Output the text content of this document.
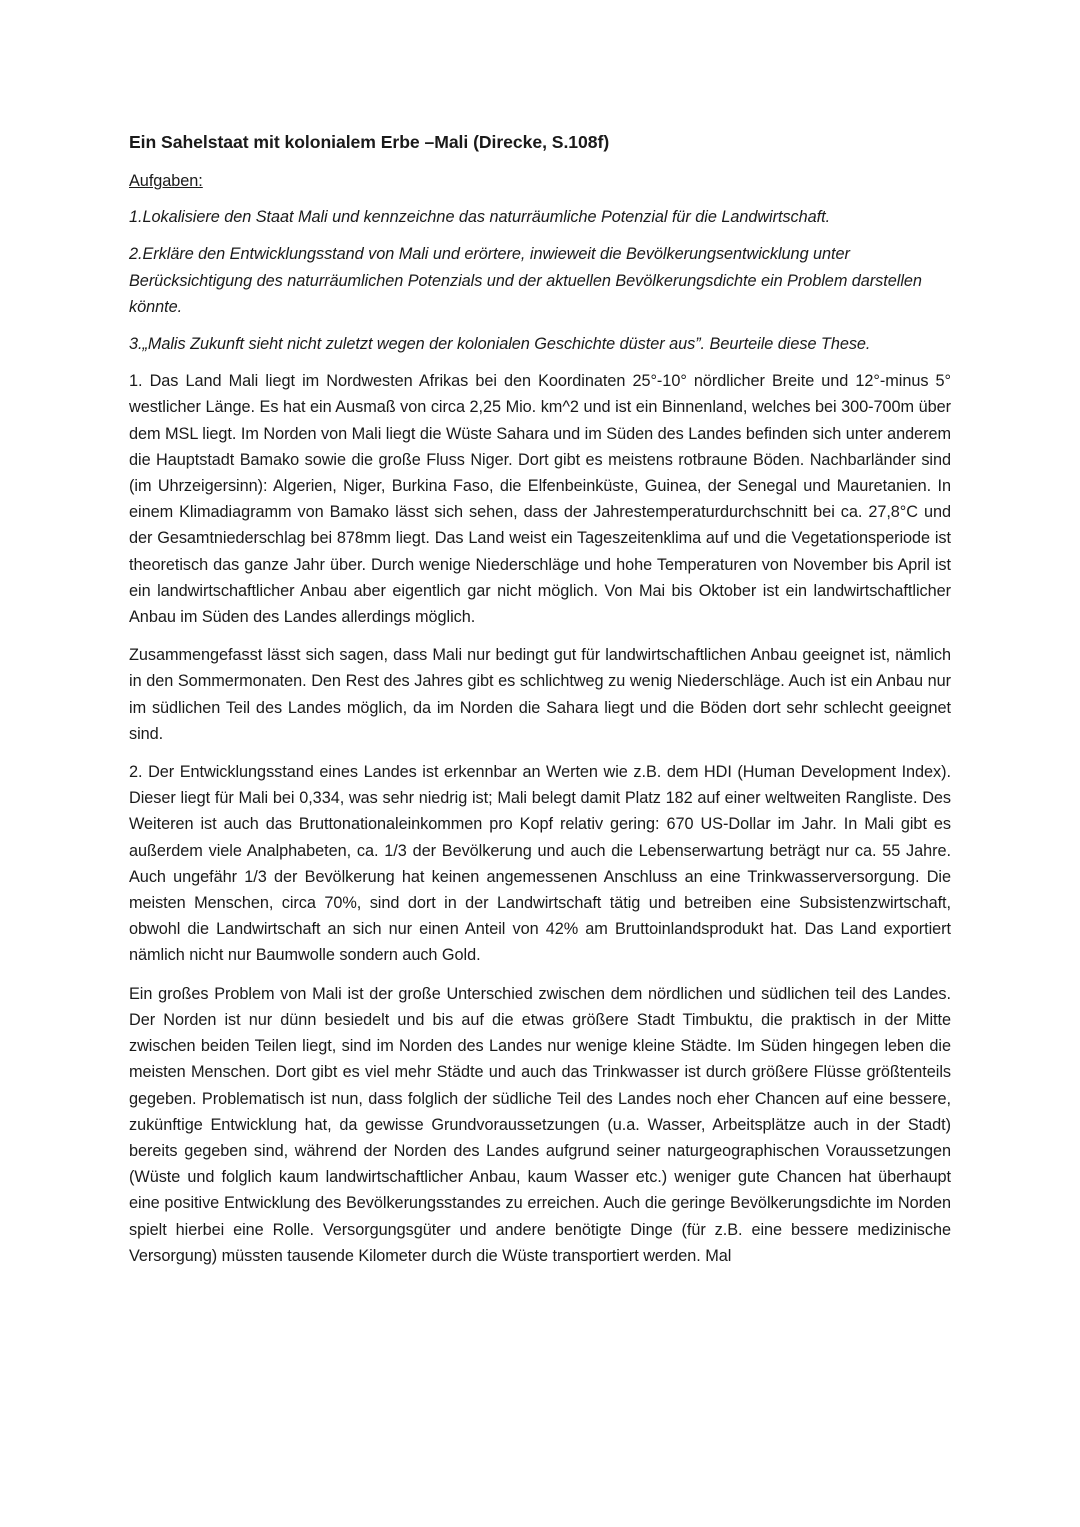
Ein Sahelstaat mit kolonialem Erbe –Mali (Direcke, S.108f)
Aufgaben:
1.Lokalisiere den Staat Mali und kennzeichne das naturräumliche Potenzial für die Landwirtschaft.
2.Erkläre den Entwicklungsstand von Mali und erörtere, inwieweit die Bevölkerungsentwicklung unter Berücksichtigung des naturräumlichen Potenzials und der aktuellen Bevölkerungsdichte ein Problem darstellen könnte.
3.„Malis Zukunft sieht nicht zuletzt wegen der kolonialen Geschichte düster aus”. Beurteile diese These.
1. Das Land Mali liegt im Nordwesten Afrikas bei den Koordinaten 25°-10° nördlicher Breite und 12°-minus 5° westlicher Länge. Es hat ein Ausmaß von circa 2,25 Mio. km^2 und ist ein Binnenland, welches bei 300-700m über dem MSL liegt. Im Norden von Mali liegt die Wüste Sahara und im Süden des Landes befinden sich unter anderem die Hauptstadt Bamako sowie die große Fluss Niger. Dort gibt es meistens rotbraune Böden. Nachbarländer sind (im Uhrzeigersinn): Algerien, Niger, Burkina Faso, die Elfenbeinküste, Guinea, der Senegal und Mauretanien. In einem Klimadiagramm von Bamako lässt sich sehen, dass der Jahrestemperaturdurchschnitt bei ca. 27,8°C und der Gesamtniederschlag bei 878mm liegt. Das Land weist ein Tageszeitenklima auf und die Vegetationsperiode ist theoretisch das ganze Jahr über. Durch wenige Niederschläge und hohe Temperaturen von November bis April ist ein landwirtschaftlicher Anbau aber eigentlich gar nicht möglich. Von Mai bis Oktober ist ein landwirtschaftlicher Anbau im Süden des Landes allerdings möglich.
Zusammengefasst lässt sich sagen, dass Mali nur bedingt gut für landwirtschaftlichen Anbau geeignet ist, nämlich in den Sommermonaten. Den Rest des Jahres gibt es schlichtweg zu wenig Niederschläge. Auch ist ein Anbau nur im südlichen Teil des Landes möglich, da im Norden die Sahara liegt und die Böden dort sehr schlecht geeignet sind.
2. Der Entwicklungsstand eines Landes ist erkennbar an Werten wie z.B. dem HDI (Human Development Index). Dieser liegt für Mali bei 0,334, was sehr niedrig ist; Mali belegt damit Platz 182 auf einer weltweiten Rangliste. Des Weiteren ist auch das Bruttonationaleinkommen pro Kopf relativ gering: 670 US-Dollar im Jahr. In Mali gibt es außerdem viele Analphabeten, ca. 1/3 der Bevölkerung und auch die Lebenserwartung beträgt nur ca. 55 Jahre. Auch ungefähr 1/3 der Bevölkerung hat keinen angemessenen Anschluss an eine Trinkwasserversorgung. Die meisten Menschen, circa 70%, sind dort in der Landwirtschaft tätig und betreiben eine Subsistenzwirtschaft, obwohl die Landwirtschaft an sich nur einen Anteil von 42% am Bruttoinlandsprodukt hat. Das Land exportiert nämlich nicht nur Baumwolle sondern auch Gold.
Ein großes Problem von Mali ist der große Unterschied zwischen dem nördlichen und südlichen teil des Landes. Der Norden ist nur dünn besiedelt und bis auf die etwas größere Stadt Timbuktu, die praktisch in der Mitte zwischen beiden Teilen liegt, sind im Norden des Landes nur wenige kleine Städte. Im Süden hingegen leben die meisten Menschen. Dort gibt es viel mehr Städte und auch das Trinkwasser ist durch größere Flüsse größtenteils gegeben. Problematisch ist nun, dass folglich der südliche Teil des Landes noch eher Chancen auf eine bessere, zukünftige Entwicklung hat, da gewisse Grundvoraussetzungen (u.a. Wasser, Arbeitsplätze auch in der Stadt) bereits gegeben sind, während der Norden des Landes aufgrund seiner naturgeographischen Voraussetzungen (Wüste und folglich kaum landwirtschaftlicher Anbau, kaum Wasser etc.) weniger gute Chancen hat überhaupt eine positive Entwicklung des Bevölkerungsstandes zu erreichen. Auch die geringe Bevölkerungsdichte im Norden spielt hierbei eine Rolle. Versorgungsgüter und andere benötigte Dinge (für z.B. eine bessere medizinische Versorgung) müssten tausende Kilometer durch die Wüste transportiert werden. Mal
